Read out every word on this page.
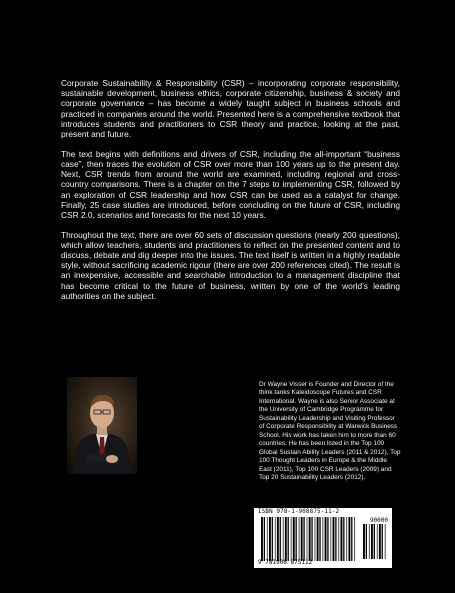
Corporate Sustainability & Responsibility (CSR) – incorporating corporate responsibility, sustainable development, business ethics, corporate citizenship, business & society and corporate governance – has become a widely taught subject in business schools and practiced in companies around the world. Presented here is a comprehensive textbook that introduces students and practitioners to CSR theory and practice, looking at the past, present and future.

The text begins with definitions and drivers of CSR, including the all-important “business case”, then traces the evolution of CSR over more than 100 years up to the present day. Next, CSR trends from around the world are examined, including regional and cross-country comparisons. There is a chapter on the 7 steps to implementing CSR, followed by an exploration of CSR leadership and how CSR can be used as a catalyst for change. Finally, 25 case studies are introduced, before concluding on the future of CSR, including CSR 2.0, scenarios and forecasts for the next 10 years.

Throughout the text, there are over 60 sets of discussion questions (nearly 200 questions), which allow teachers, students and practitioners to reflect on the presented content and to discuss, debate and dig deeper into the issues. The text itself is written in a highly readable style, without sacrificing academic rigour (there are over 200 references cited). The result is an inexpensive, accessible and searchable introduction to a management discipline that has become critical to the future of business, written by one of the world’s leading authorities on the subject.

Dr Wayne Visser is Founder and Director of the think tanks Kaleidoscope Futures and CSR International. Wayne is also Senior Associate at the University of Cambridge Programme for Sustainability Leadership and Visiting Professor of Corporate Responsibility at Warwick Business School. His work has taken him to more than 60 countries. He has been listed in the Top 100 Global Sustain Ability Leaders (2011 & 2012), Top 100 Thought Leaders in Europe & the Middle East (2011), Top 100 CSR Leaders (2009) and Top 20 Sustainability Leaders (2012).
ISBN 978-1-908875-11-2
90000
9 781908 875112
